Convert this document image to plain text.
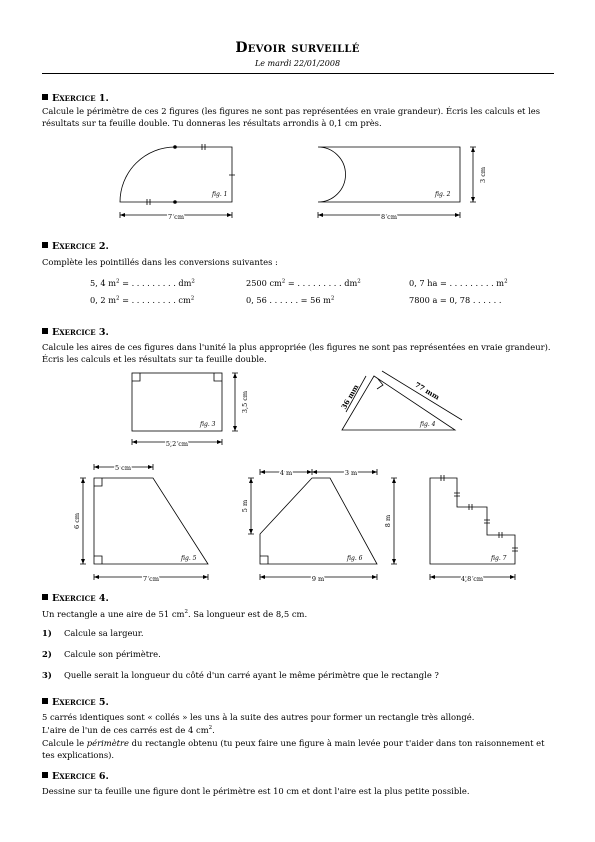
Devoir surveillé
Le mardi 22/01/2008
Exercice 1.
Calcule le périmètre de ces 2 figures (les figures ne sont pas représentées en vraie grandeur). Écris les calculs et les résultats sur ta feuille double. Tu donneras les résultats arrondis à 0,1 cm près.
fig. 1	fig. 2
fig. 3	fig. 4
fig. 5	fig. 6	fig. 7
7 cm	8 cm
3 cm
5,2 cm
3,5 cm	36 mm	77 mm
5 cm
6 cm
7 cm
4 m	3 m
5 m
8 m
9 m	4,8 cm
Exercice 2.
Complète les pointillés dans les conversions suivantes :
5, 4 $m^2$ = . . . . . . . . . $dm^2$	2500 $cm^2$ = . . . . . . . . . $dm^2$	0, 7 ha = . . . . . . . . . $m^2$
0, 2 $m^2$ = . . . . . . . . . $cm^2$	0, 56 . . . . . . = 56 $m^2$	7800 a = 0, 78 . . . . . .
Exercice 3.
Calcule les aires de ces figures dans l'unité la plus appropriée (les figures ne sont pas représentées en vraie grandeur). Écris les calculs et les résultats sur ta feuille double.
Exercice 4.
Un rectangle a une aire de 51 $cm^2$. Sa longueur est de 8,5 cm.
1) Calcule sa largeur.
2) Calcule son périmètre.
3) Quelle serait la longueur du côté d'un carré ayant le même périmètre que le rectangle ?
Exercice 5.
5 carrés identiques sont « collés » les uns à la suite des autres pour former un rectangle très allongé.
L'aire de l'un de ces carrés est de 4 $cm^2$.
Calcule le périmètre du rectangle obtenu (tu peux faire une figure à main levée pour t'aider dans ton raisonnement et tes explications).
Exercice 6.
Dessine sur ta feuille une figure dont le périmètre est 10 cm et dont l'aire est la plus petite possible.
